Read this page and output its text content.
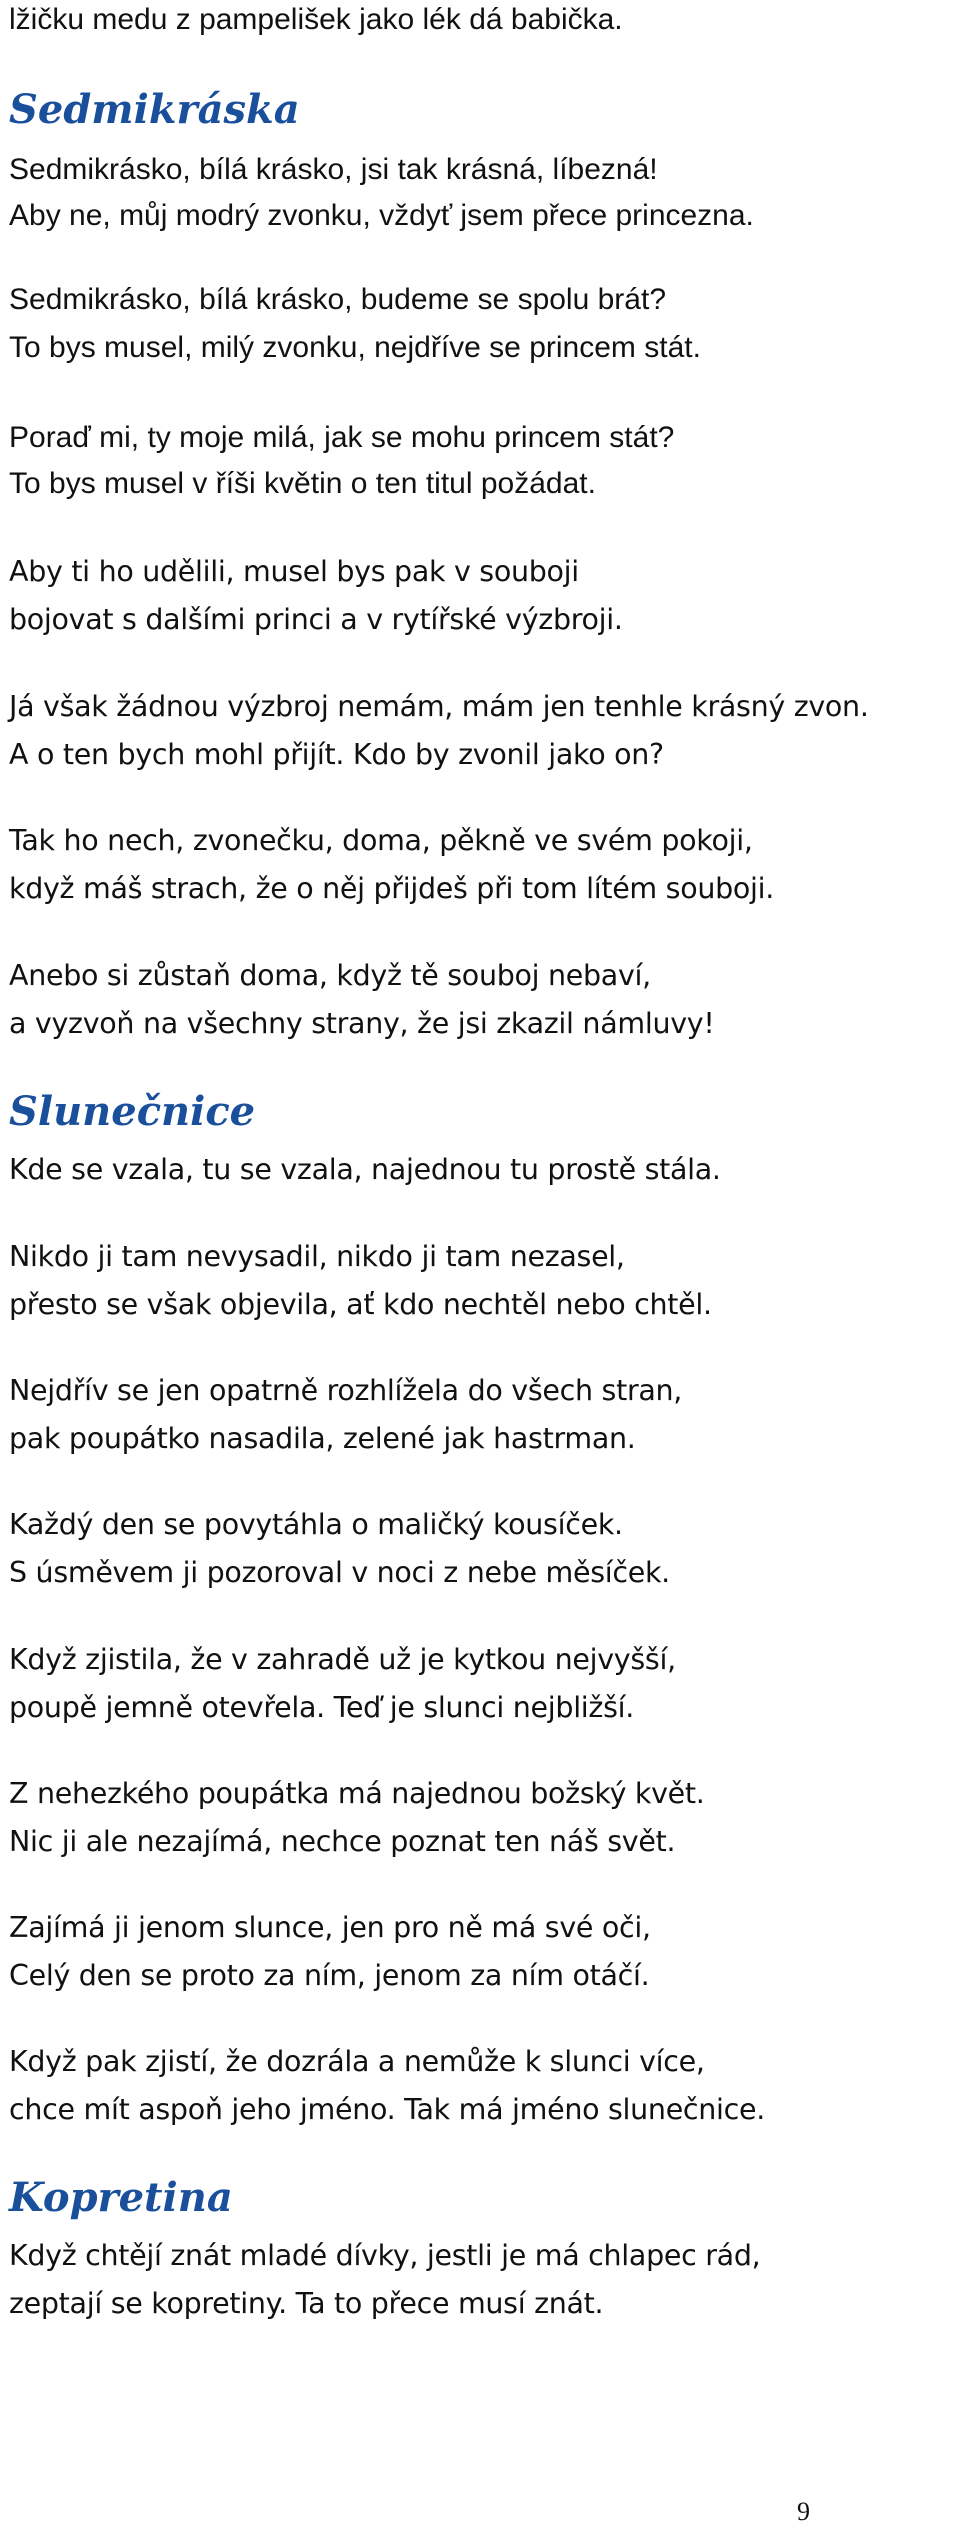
lžičku medu z pampelišek jako lék dá babička.

Sedmikráska

Sedmikrásko, bílá krásko, jsi tak krásná, líbezná!

Aby ne, můj modrý zvonku, vždyť jsem přece princezna.

Sedmikrásko, bílá krásko, budeme se spolu brát?

To bys musel, milý zvonku, nejdříve se princem stát.

Poraď mi, ty moje milá, jak se mohu princem stát?

To bys musel v říši květin o ten titul požádat.

Aby ti ho udělili, musel bys pak v souboji

bojovat s dalšími princi a v rytířské výzbroji.

Já však žádnou výzbroj nemám, mám jen tenhle krásný zvon.

A o ten bych mohl přijít. Kdo by zvonil jako on?

Tak ho nech, zvonečku, doma, pěkně ve svém pokoji,

když máš strach, že o něj přijdeš při tom lítém souboji.

Anebo si zůstaň doma, když tě souboj nebaví,

a vyzvoň na všechny strany, že jsi zkazil námluvy!

Slunečnice

Kde se vzala, tu se vzala, najednou tu prostě stála.

Nikdo ji tam nevysadil, nikdo ji tam nezasel,

přesto se však objevila, ať kdo nechtěl nebo chtěl.

Nejdřív se jen opatrně rozhlížela do všech stran,

pak poupátko nasadila, zelené jak hastrman.

Každý den se povytáhla o maličký kousíček.

S úsměvem ji pozoroval v noci z nebe měsíček.

Když zjistila, že v zahradě už je kytkou nejvyšší,

poupě jemně otevřela. Teď je slunci nejbližší.

Z nehezkého poupátka má najednou božský květ.

Nic ji ale nezajímá, nechce poznat ten náš svět.

Zajímá ji jenom slunce, jen pro ně má své oči,

Celý den se proto za ním, jenom za ním otáčí.

Když pak zjistí, že dozrála a nemůže k slunci více,

chce mít aspoň jeho jméno. Tak má jméno slunečnice.

Kopretina

Když chtějí znát mladé dívky, jestli je má chlapec rád,

zeptají se kopretiny. Ta to přece musí znát.

9
